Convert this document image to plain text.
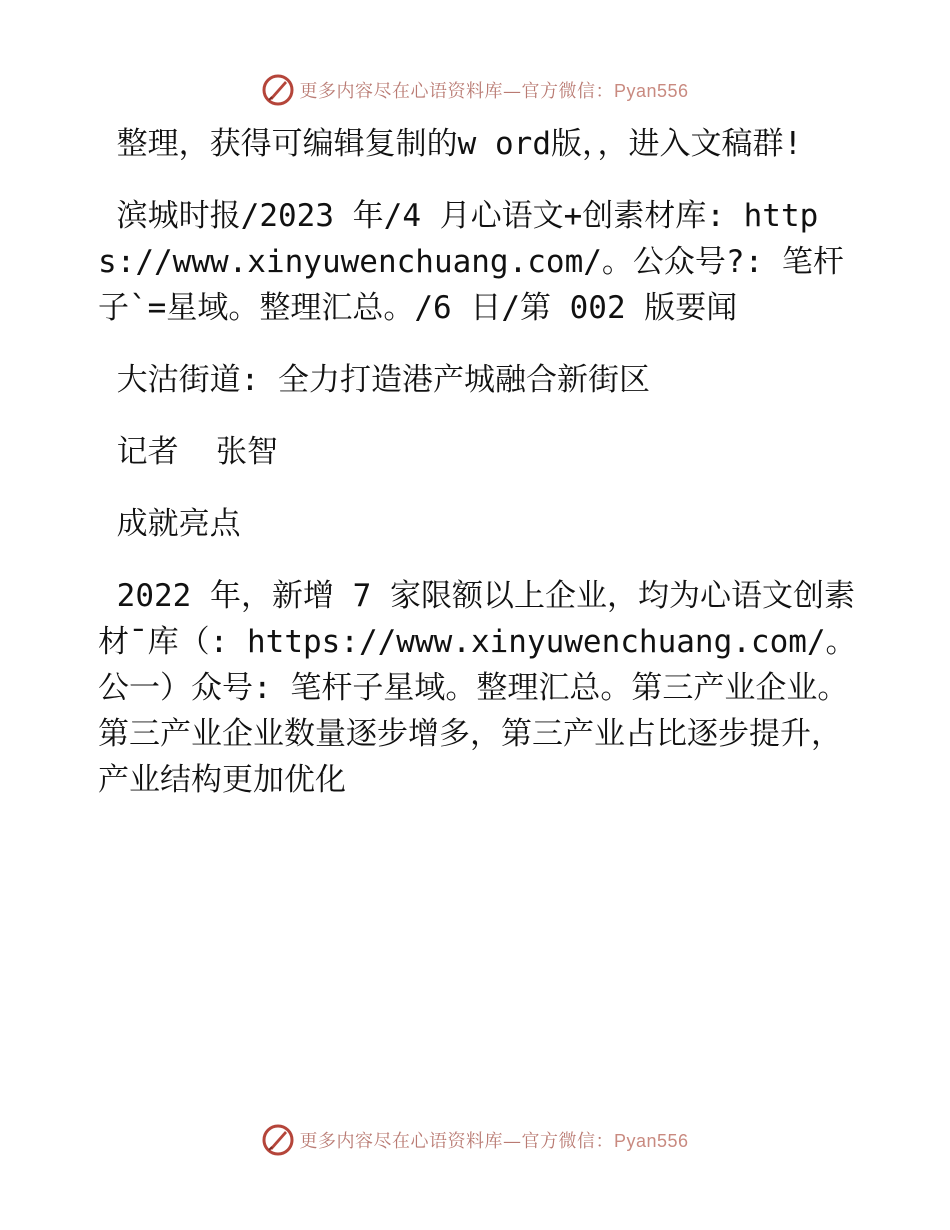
更多内容尽在心语资料库—官方微信：Pyan556

整理，获得可编辑复制的w ord版，，进入文稿群!

滨城时报/2023 年/4 月心语文+创素材库: https://www.xinyuwenchuang.com/。公众号?: 笔杆子`=星域。整理汇总。/6 日/第 002 版要闻

大沽街道: 全力打造港产城融合新街区

记者  张智

成就亮点

2022 年，新增 7 家限额以上企业，均为心语文创素材¯库（: https://www.xinyuwenchuang.com/。公一）众号: 笔杆子星域。整理汇总。第三产业企业。第三产业企业数量逐步增多，第三产业占比逐步提升，产业结构更加优化

更多内容尽在心语资料库—官方微信：Pyan556
